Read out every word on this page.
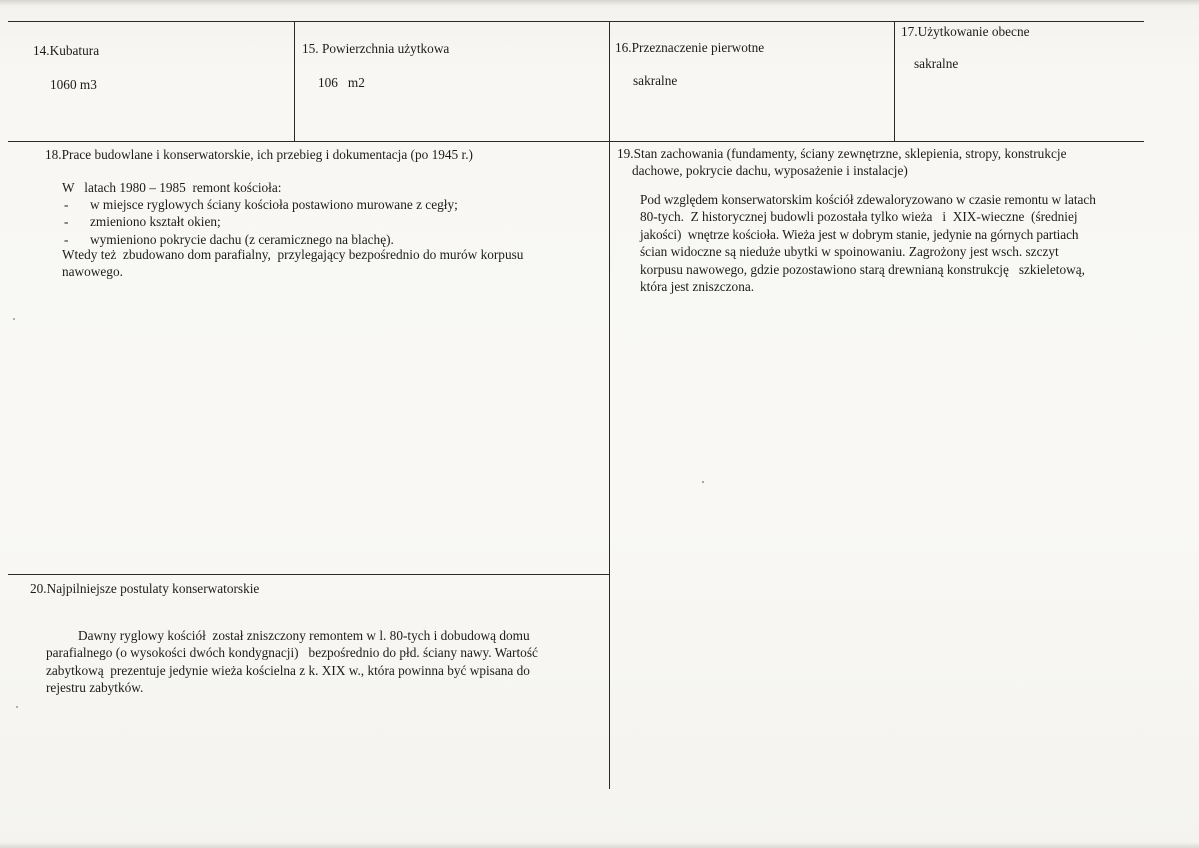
14.Kubatura
1060 m3
15. Powierzchnia użytkowa
106   m2
16.Przeznaczenie pierwotne
sakralne
17.Użytkowanie obecne
sakralne
18.Prace budowlane i konserwatorskie, ich przebieg i dokumentacja (po 1945 r.)
W   latach 1980 – 1985  remont kościoła:
- w miejsce ryglowych ściany kościoła postawiono murowane z cegły;
- zmieniono kształt okien;
- wymieniono pokrycie dachu (z ceramicznego na blachę).
Wtedy też  zbudowano dom parafialny,  przylegający bezpośrednio do murów korpusu
nawowego.
19.Stan zachowania (fundamenty, ściany zewnętrzne, sklepienia, stropy, konstrukcje
dachowe, pokrycie dachu, wyposażenie i instalacje)
Pod względem konserwatorskim kościół zdewaloryzowano w czasie remontu w latach
80-tych.  Z historycznej budowli pozostała tylko wieża   i  XIX-wieczne  (średniej
jakości)  wnętrze kościoła. Wieża jest w dobrym stanie, jedynie na górnych partiach
ścian widoczne są nieduże ubytki w spoinowaniu. Zagrożony jest wsch. szczyt
korpusu nawowego, gdzie pozostawiono starą drewnianą konstrukcję   szkieletową,
która jest zniszczona.
20.Najpilniejsze postulaty konserwatorskie
Dawny ryglowy kościół  został zniszczony remontem w l. 80-tych i dobudową domu
parafialnego (o wysokości dwóch kondygnacji)   bezpośrednio do płd. ściany nawy. Wartość
zabytkową  prezentuje jedynie wieża kościelna z k. XIX w., która powinna być wpisana do
rejestru zabytków.
